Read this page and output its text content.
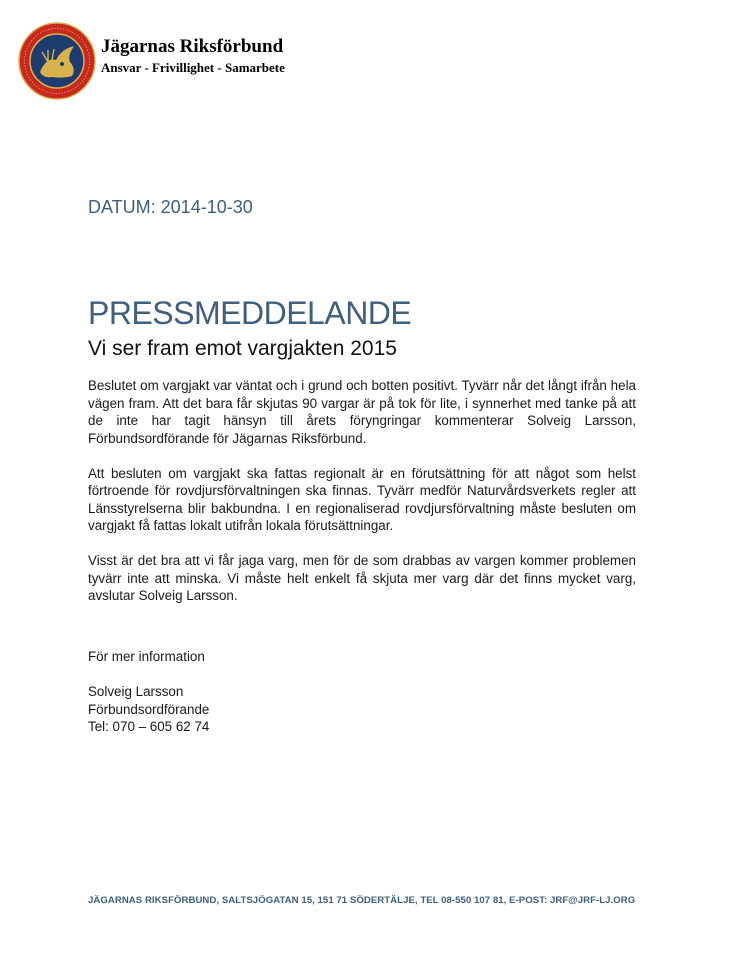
Jägarnas Riksförbund
Ansvar - Frivillighet - Samarbete
DATUM: 2014-10-30
PRESSMEDDELANDE
Vi ser fram emot vargjakten 2015

Beslutet om vargjakt var väntat och i grund och botten positivt. Tyvärr når det långt ifrån hela vägen fram. Att det bara får skjutas 90 vargar är på tok för lite, i synnerhet med tanke på att de inte har tagit hänsyn till årets föryngringar kommenterar Solveig Larsson, Förbundsordförande för Jägarnas Riksförbund.

Att besluten om vargjakt ska fattas regionalt är en förutsättning för att något som helst förtroende för rovdjursförvaltningen ska finnas. Tyvärr medför Naturvårdsverkets regler att Länsstyrelserna blir bakbundna. I en regionaliserad rovdjursförvaltning måste besluten om vargjakt få fattas lokalt utifrån lokala förutsättningar.

Visst är det bra att vi får jaga varg, men för de som drabbas av vargen kommer problemen tyvärr inte att minska. Vi måste helt enkelt få skjuta mer varg där det finns mycket varg, avslutar Solveig Larsson.

För mer information
Solveig Larsson
Förbundsordförande
Tel: 070 – 605 62 74
JÄGARNAS RIKSFÖRBUND, SALTSJÖGATAN 15, 151 71 SÖDERTÄLJE, TEL 08-550 107 81, E-POST: JRF@JRF-LJ.ORG
